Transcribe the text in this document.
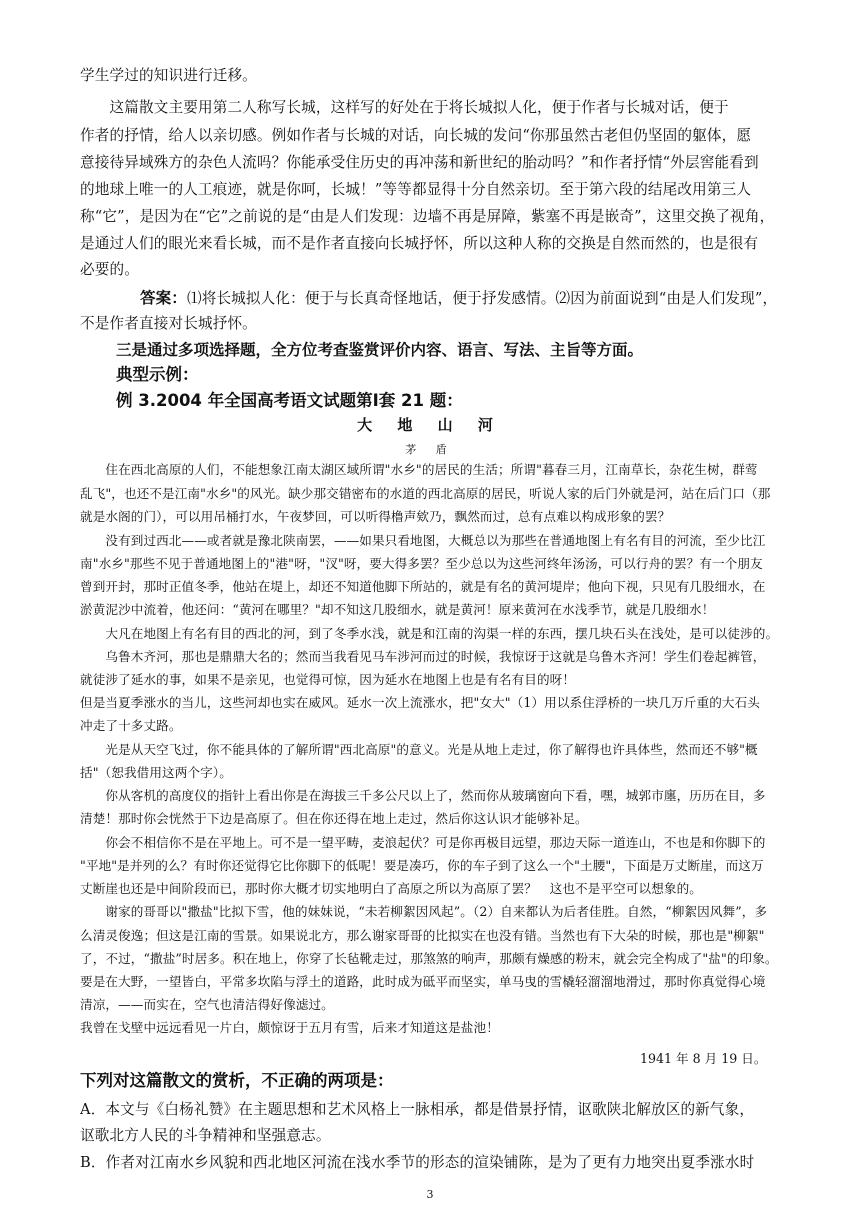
学生学过的知识进行迁移。
　　这篇散文主要用第二人称写长城，这样写的好处在于将长城拟人化，便于作者与长城对话，便于
作者的抒情，给人以亲切感。例如作者与长城的对话，向长城的发问“你那虽然古老但仍坚固的躯体，愿
意接待异域殊方的杂色人流吗？你能承受住历史的再冲荡和新世纪的胎动吗？”和作者抒情“外层窖能看到
的地球上唯一的人工痕迹，就是你呵，长城！”等等都显得十分自然亲切。至于第六段的结尾改用第三人
称“它”，是因为在“它”之前说的是“由是人们发现：边墙不再是屏障，紫塞不再是嵌奇”，这里交换了视角，
是通过人们的眼光来看长城，而不是作者直接向长城抒怀，所以这种人称的交换是自然而然的，也是很有
必要的。
答案：⑴将长城拟人化：便于与长真奇怪地话，便于抒发感情。⑵因为前面说到“由是人们发现”，
不是作者直接对长城抒怀。
三是通过多项选择题，全方位考查鉴赏评价内容、语言、写法、主旨等方面。
典型示例：
例 3.2004 年全国高考语文试题第Ⅰ套 21 题：
大 地 山 河
茅 盾
　　住在西北高原的人们，不能想象江南太湖区域所谓"水乡"的居民的生活；所谓"暮春三月，江南草长，杂花生树，群莺
乱飞"，也还不是江南"水乡"的风光。缺少那交错密布的水道的西北高原的居民，听说人家的后门外就是河，站在后门口（那
就是水阁的门），可以用吊桶打水，午夜梦回，可以听得橹声欸乃，飘然而过，总有点难以构成形象的罢？
　　没有到过西北——或者就是豫北陕南罢，——如果只看地图，大概总以为那些在普通地图上有名有目的河流，至少比江
南"水乡"那些不见于普通地图上的"港"呀，"汊"呀，要大得多罢？至少总以为这些河终年汤汤，可以行舟的罢？有一个朋友
曾到开封，那时正值冬季，他站在堤上，却还不知道他脚下所站的，就是有名的黄河堤岸；他向下视，只见有几股细水，在
淤黄泥沙中流着，他还问：“黄河在哪里？"却不知这几股细水，就是黄河！原来黄河在水浅季节，就是几股细水！
　　大凡在地图上有名有目的西北的河，到了冬季水浅，就是和江南的沟渠一样的东西，摆几块石头在浅处，是可以徒涉的。
　　乌鲁木齐河，那也是鼎鼎大名的；然而当我看见马车涉河而过的时候，我惊讶于这就是乌鲁木齐河！学生们卷起裤管，
就徒涉了延水的事，如果不是亲见，也觉得可惊，因为延水在地图上也是有名有目的呀！
但是当夏季涨水的当儿，这些河却也实在威风。延水一次上流涨水，把"女大"（1）用以系住浮桥的一块几万斤重的大石头
冲走了十多丈路。
　　光是从天空飞过，你不能具体的了解所谓"西北高原"的意义。光是从地上走过，你了解得也许具体些，然而还不够"概
括"（恕我借用这两个字）。
　　你从客机的高度仪的指针上看出你是在海拔三千多公尺以上了，然而你从玻璃窗向下看，嘿，城郭市廛，历历在目，多
清楚！那时你会恍然于下边是高原了。但在你还得在地上走过，然后你这认识才能够补足。
　　你会不相信你不是在平地上。可不是一望平畴，麦浪起伏？可是你再极目远望，那边天际一道连山，不也是和你脚下的
"平地"是并列的么？有时你还觉得它比你脚下的低呢！要是凑巧，你的车子到了这么一个"土腰"，下面是万丈断崖，而这万
丈断崖也还是中间阶段而已，那时你大概才切实地明白了高原之所以为高原了罢？　这也不是平空可以想象的。
　　谢家的哥哥以"撒盐"比拟下雪，他的妹妹说，“未若柳絮因风起”。（2）自来都认为后者佳胜。自然，“柳絮因风舞”，多
么清灵俊逸；但这是江南的雪景。如果说北方，那么谢家哥哥的比拟实在也没有错。当然也有下大朵的时候，那也是"柳絮"
了，不过，“撒盐”时居多。积在地上，你穿了长毡靴走过，那煞煞的响声，那颇有燥感的粉末，就会完全构成了"盐"的印象。
要是在大野，一望皆白，平常多坎陷与浮土的道路，此时成为砥平而坚实，单马曳的雪橇轻溜溜地滑过，那时你真觉得心境
清凉，——而实在，空气也清洁得好像滤过。
我曾在戈壁中远远看见一片白，颇惊讶于五月有雪，后来才知道这是盐池！
1941 年 8 月 19 日。
下列对这篇散文的赏析，不正确的两项是：
A．本文与《白杨礼赞》在主题思想和艺术风格上一脉相承，都是借景抒情，讴歌陕北解放区的新气象，
讴歌北方人民的斗争精神和坚强意志。
B．作者对江南水乡风貌和西北地区河流在浅水季节的形态的渲染铺陈，是为了更有力地突出夏季涨水时
3
